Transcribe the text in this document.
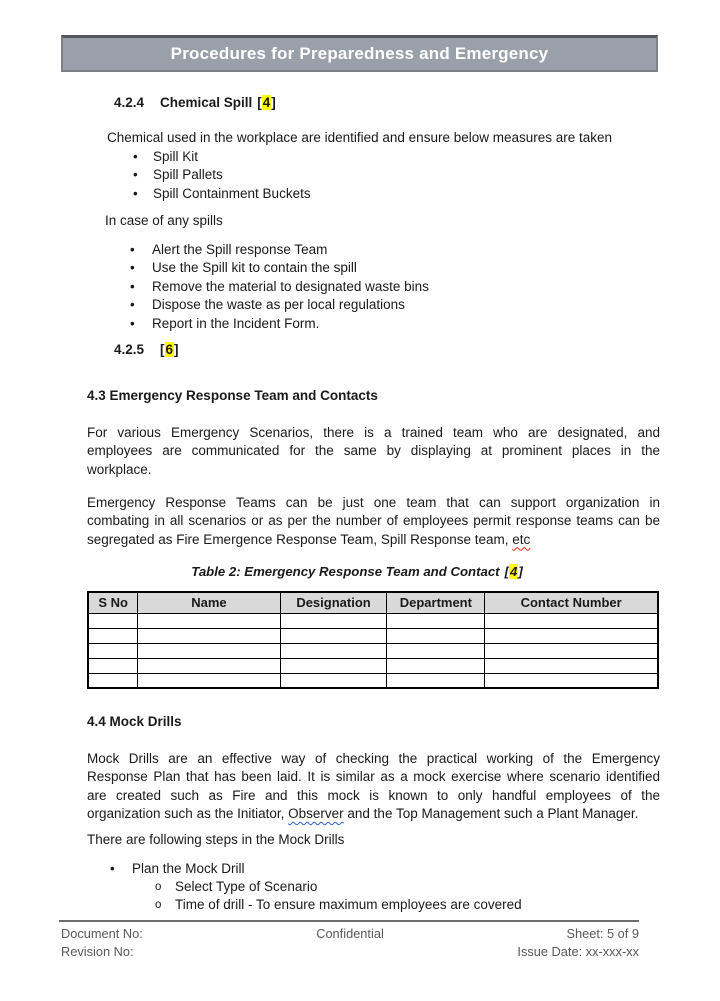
Procedures for Preparedness and Emergency
4.2.4 Chemical Spill [4]
Chemical used in the workplace are identified and ensure below measures are taken
•	Spill Kit
•	Spill Pallets
•	Spill Containment Buckets
In case of any spills
•	Alert the Spill response Team
•	Use the Spill kit to contain the spill
•	Remove the material to designated waste bins
•	Dispose the waste as per local regulations
•	Report in the Incident Form.
4.2.5 [6]
4.3 Emergency Response Team and Contacts
For various Emergency Scenarios, there is a trained team who are designated, and
employees are communicated for the same by displaying at prominent places in the
workplace.
Emergency Response Teams can be just one team that can support organization in
combating in all scenarios or as per the number of employees permit response teams can be
segregated as Fire Emergence Response Team, Spill Response team, etc
Table 2: Emergency Response Team and Contact [4]
S No	Name	Designation	Department	Contact Number

4.4 Mock Drills
Mock Drills are an effective way of checking the practical working of the Emergency
Response Plan that has been laid. It is similar as a mock exercise where scenario identified
are created such as Fire and this mock is known to only handful employees of the
organization such as the Initiator, Observer and the Top Management such a Plant Manager.
There are following steps in the Mock Drills
•	Plan the Mock Drill
o	Select Type of Scenario
o	Time of drill - To ensure maximum employees are covered
Document No:	Confidential	Sheet: 5 of 9
Revision No:	Issue Date: xx-xxx-xx
